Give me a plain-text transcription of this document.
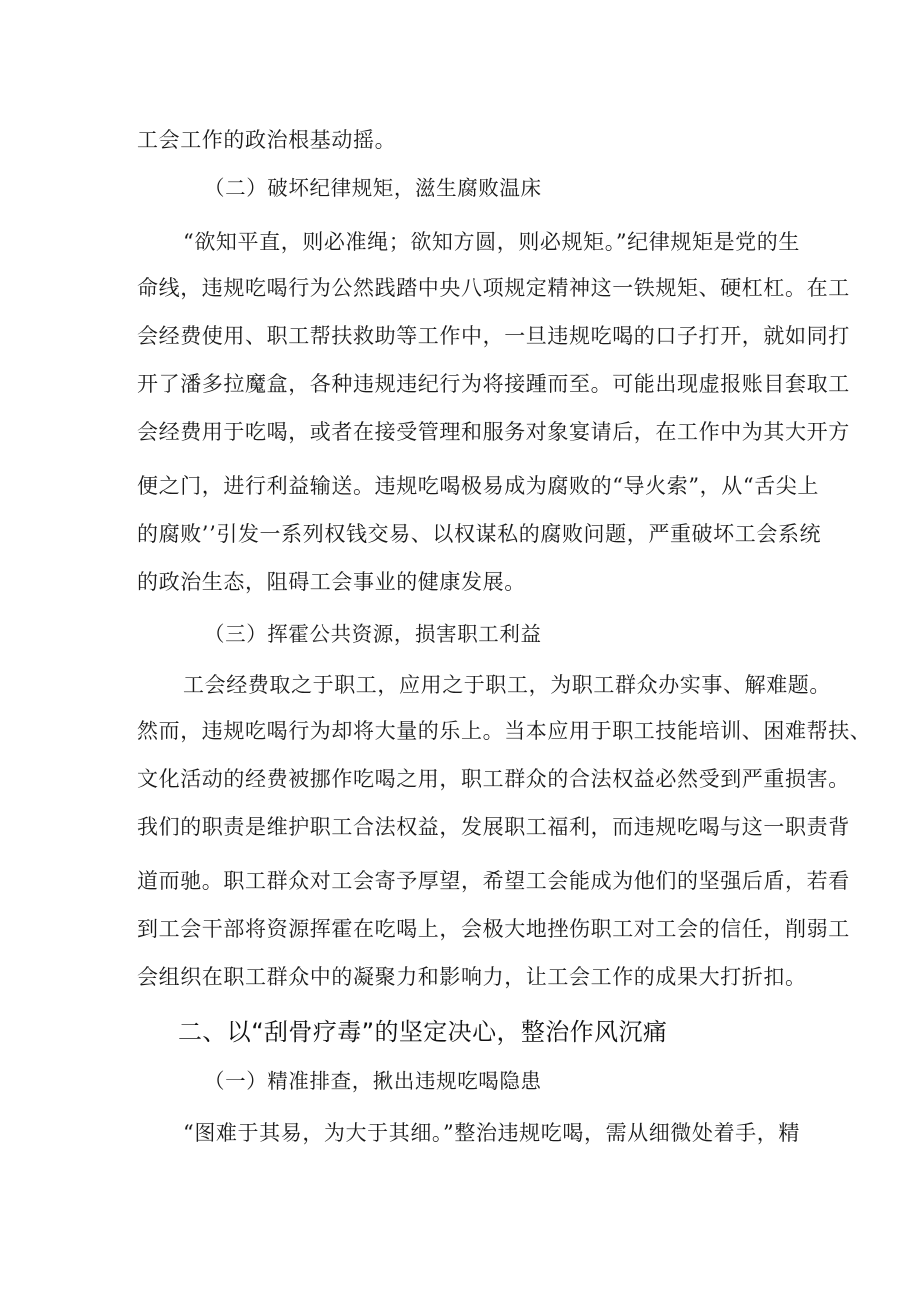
工会工作的政治根基动摇。
（二）破坏纪律规矩，滋生腐败温床
“欲知平直，则必准绳；欲知方圆，则必规矩。”纪律规矩是党的生
命线，违规吃喝行为公然践踏中央八项规定精神这一铁规矩、硬杠杠。在工
会经费使用、职工帮扶救助等工作中，一旦违规吃喝的口子打开，就如同打
开了潘多拉魔盒，各种违规违纪行为将接踵而至。可能出现虚报账目套取工
会经费用于吃喝，或者在接受管理和服务对象宴请后，在工作中为其大开方
便之门，进行利益输送。违规吃喝极易成为腐败的“导火索”，从“舌尖上
的腐败’’引发一系列权钱交易、以权谋私的腐败问题，严重破坏工会系统
的政治生态，阻碍工会事业的健康发展。
（三）挥霍公共资源，损害职工利益
工会经费取之于职工，应用之于职工，为职工群众办实事、解难题。
然而，违规吃喝行为却将大量的乐上。当本应用于职工技能培训、困难帮扶、
文化活动的经费被挪作吃喝之用，职工群众的合法权益必然受到严重损害。
我们的职责是维护职工合法权益，发展职工福利，而违规吃喝与这一职责背
道而驰。职工群众对工会寄予厚望，希望工会能成为他们的坚强后盾，若看
到工会干部将资源挥霍在吃喝上，会极大地挫伤职工对工会的信任，削弱工
会组织在职工群众中的凝聚力和影响力，让工会工作的成果大打折扣。
二、以“刮骨疗毒”的坚定决心，整治作风沉痛
（一）精准排查，揪出违规吃喝隐患
“图难于其易，为大于其细。”整治违规吃喝，需从细微处着手，精
